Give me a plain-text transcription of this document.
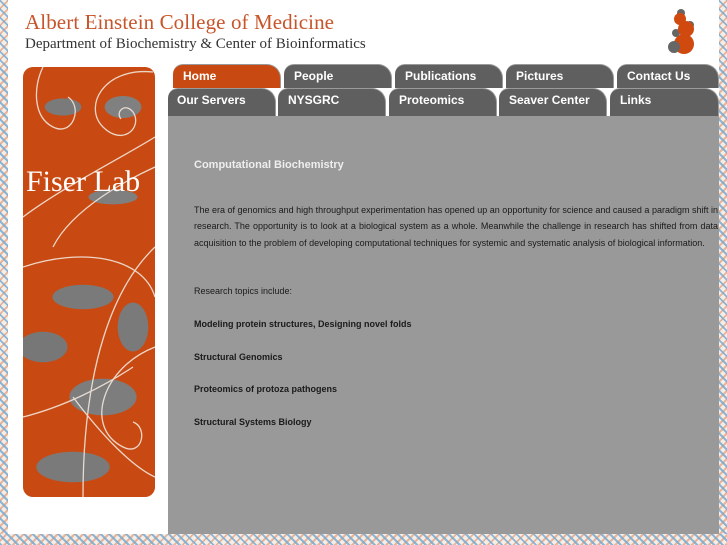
Albert Einstein College of Medicine
Department of Biochemistry & Center of Bioinformatics
Fiser Lab
Home	People	Publications	Pictures	Contact Us
Our Servers	NYSGRC	Proteomics	Seaver Center	Links
Computational Biochemistry
The era of genomics and high throughput experimentation has opened up an opportunity for science and caused a paradigm shift in research. The opportunity is to look at a biological system as a whole. Meanwhile the challenge in research has shifted from data acquisition to the problem of developing computational techniques for systemic and systematic analysis of biological information.
Research topics include:
Modeling protein structures, Designing novel folds
Structural Genomics
Proteomics of protoza pathogens
Structural Systems Biology
